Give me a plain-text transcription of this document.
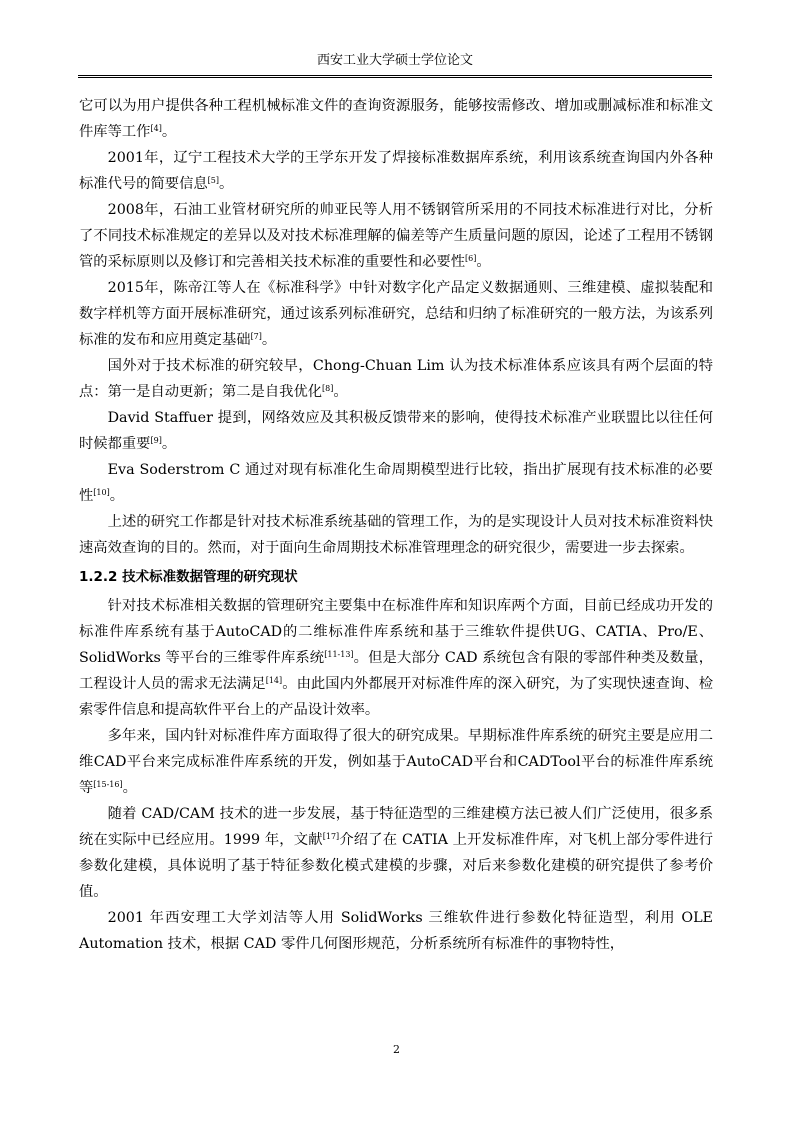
西安工业大学硕士学位论文

它可以为用户提供各种工程机械标准文件的查询资源服务，能够按需修改、增加或删减标准和标准文件库等工作[4]。

2001年，辽宁工程技术大学的王学东开发了焊接标准数据库系统，利用该系统查询国内外各种标准代号的简要信息[5]。

2008年，石油工业管材研究所的帅亚民等人用不锈钢管所采用的不同技术标准进行对比，分析了不同技术标准规定的差异以及对技术标准理解的偏差等产生质量问题的原因，论述了工程用不锈钢管的采标原则以及修订和完善相关技术标准的重要性和必要性[6]。

2015年，陈帝江等人在《标准科学》中针对数字化产品定义数据通则、三维建模、虚拟装配和数字样机等方面开展标准研究，通过该系列标准研究，总结和归纳了标准研究的一般方法，为该系列标准的发布和应用奠定基础[7]。

国外对于技术标准的研究较早，Chong-Chuan Lim 认为技术标准体系应该具有两个层面的特点：第一是自动更新；第二是自我优化[8]。

David Staffuer 提到，网络效应及其积极反馈带来的影响，使得技术标准产业联盟比以往任何时候都重要[9]。

Eva Soderstrom C 通过对现有标准化生命周期模型进行比较，指出扩展现有技术标准的必要性[10]。

上述的研究工作都是针对技术标准系统基础的管理工作，为的是实现设计人员对技术标准资料快速高效查询的目的。然而，对于面向生命周期技术标准管理理念的研究很少，需要进一步去探索。

1.2.2 技术标准数据管理的研究现状

针对技术标准相关数据的管理研究主要集中在标准件库和知识库两个方面，目前已经成功开发的标准件库系统有基于AutoCAD的二维标准件库系统和基于三维软件提供UG、CATIA、Pro/E、SolidWorks 等平台的三维零件库系统[11-13]。但是大部分 CAD 系统包含有限的零部件种类及数量，工程设计人员的需求无法满足[14]。由此国内外都展开对标准件库的深入研究，为了实现快速查询、检索零件信息和提高软件平台上的产品设计效率。

多年来，国内针对标准件库方面取得了很大的研究成果。早期标准件库系统的研究主要是应用二维CAD平台来完成标准件库系统的开发，例如基于AutoCAD平台和CADTool平台的标准件库系统等[15-16]。

随着 CAD/CAM 技术的进一步发展，基于特征造型的三维建模方法已被人们广泛使用，很多系统在实际中已经应用。1999 年，文献[17]介绍了在 CATIA 上开发标准件库，对飞机上部分零件进行参数化建模，具体说明了基于特征参数化模式建模的步骤，对后来参数化建模的研究提供了参考价值。

2001 年西安理工大学刘洁等人用 SolidWorks 三维软件进行参数化特征造型，利用 OLE Automation 技术，根据 CAD 零件几何图形规范，分析系统所有标准件的事物特性，

2
